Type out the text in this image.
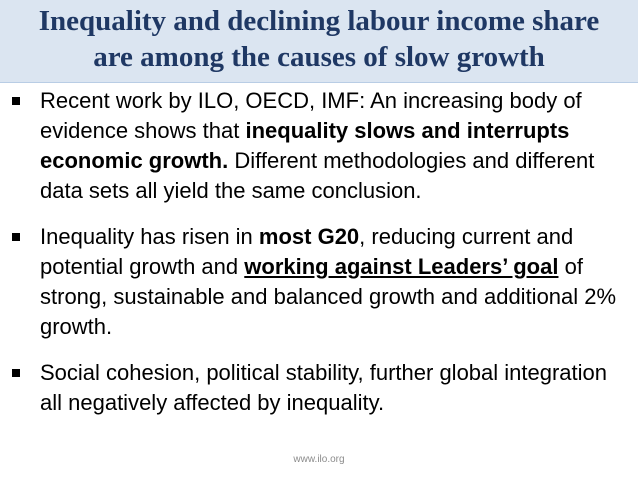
Inequality and declining labour income share
are among the causes of slow growth
Recent work by ILO, OECD, IMF: An increasing body of evidence shows that inequality slows and interrupts economic growth. Different methodologies and different data sets all yield the same conclusion.
Inequality has risen in most G20, reducing current and potential growth and working against Leaders’ goal of strong, sustainable and balanced growth and additional 2% growth.
Social cohesion, political stability, further global integration all negatively affected by inequality.
www.ilo.org
